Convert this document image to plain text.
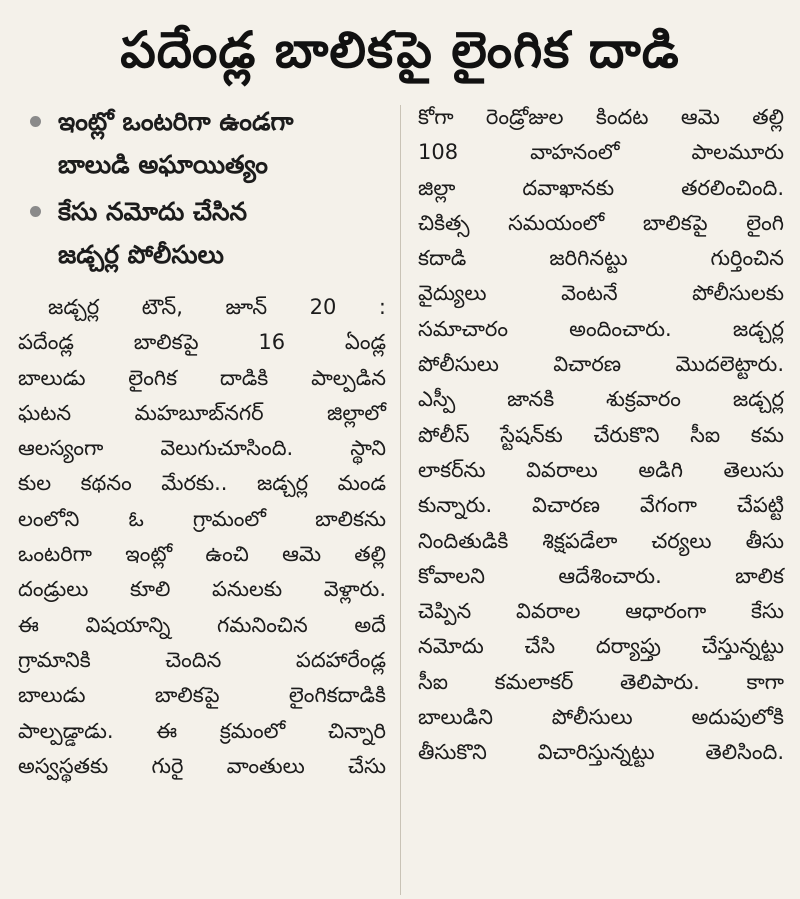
పదేండ్ల బాలికపై లైంగిక దాడి
ఇంట్లో ఒంటరిగా ఉండగా
బాలుడి అఘాయిత్యం
కేసు నమోదు చేసిన
జడ్చర్ల పోలీసులు
జడ్చర్ల టౌన్, జూన్ 20 :
పదేండ్ల బాలికపై 16 ఏండ్ల
బాలుడు లైంగిక దాడికి పాల్పడిన
ఘటన మహబూబ్‌నగర్ జిల్లాలో
ఆలస్యంగా వెలుగుచూసింది. స్థాని
కుల కథనం మేరకు.. జడ్చర్ల మండ
లంలోని ఓ గ్రామంలో బాలికను
ఒంటరిగా ఇంట్లో ఉంచి ఆమె తల్లి
దండ్రులు కూలి పనులకు వెళ్లారు.
ఈ విషయాన్ని గమనించిన అదే
గ్రామానికి చెందిన పదహారేండ్ల
బాలుడు బాలికపై లైంగికదాడికి
పాల్పడ్డాడు. ఈ క్రమంలో చిన్నారి
అస్వస్థతకు గురై వాంతులు చేసు
కోగా రెండ్రోజుల కిందట ఆమె తల్లి
108 వాహనంలో పాలమూరు
జిల్లా దవాఖానకు తరలించింది.
చికిత్స సమయంలో బాలికపై లైంగి
కదాడి జరిగినట్టు గుర్తించిన
వైద్యులు వెంటనే పోలీసులకు
సమాచారం అందించారు. జడ్చర్ల
పోలీసులు విచారణ మొదలెట్టారు.
ఎస్పీ జానకి శుక్రవారం జడ్చర్ల
పోలీస్ స్టేషన్‌కు చేరుకొని సీఐ కమ
లాకర్‌ను వివరాలు అడిగి తెలుసు
కున్నారు. విచారణ వేగంగా చేపట్టి
నిందితుడికి శిక్షపడేలా చర్యలు తీసు
కోవాలని ఆదేశించారు. బాలిక
చెప్పిన వివరాల ఆధారంగా కేసు
నమోదు చేసి దర్యాప్తు చేస్తున్నట్టు
సీఐ కమలాకర్ తెలిపారు. కాగా
బాలుడిని పోలీసులు అదుపులోకి
తీసుకొని విచారిస్తున్నట్టు తెలిసింది.
